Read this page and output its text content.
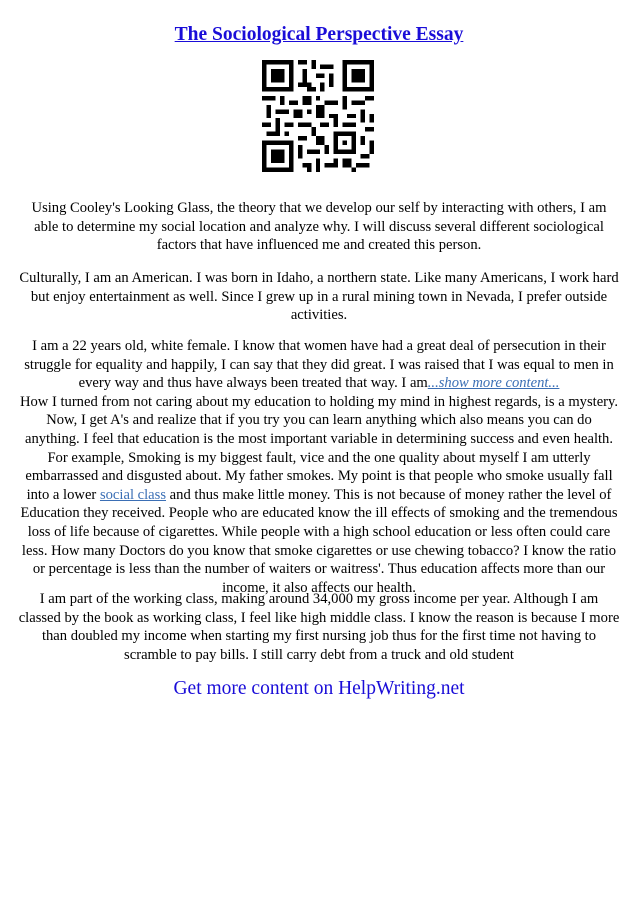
The Sociological Perspective Essay

Using Cooley's Looking Glass, the theory that we develop our self by interacting with others, I am able to determine my social location and analyze why. I will discuss several different sociological factors that have influenced me and created this person.

Culturally, I am an American. I was born in Idaho, a northern state. Like many Americans, I work hard but enjoy entertainment as well. Since I grew up in a rural mining town in Nevada, I prefer outside activities.

I am a 22 years old, white female. I know that women have had a great deal of persecution in their struggle for equality and happily, I can say that they did great. I was raised that I was equal to men in every way and thus have always been treated that way. I am...show more content...
How I turned from not caring about my education to holding my mind in highest regards, is a mystery. Now, I get A's and realize that if you try you can learn anything which also means you can do anything. I feel that education is the most important variable in determining success and even health. For example, Smoking is my biggest fault, vice and the one quality about myself I am utterly embarrassed and disgusted about. My father smokes. My point is that people who smoke usually fall into a lower social class and thus make little money. This is not because of money rather the level of Education they received. People who are educated know the ill effects of smoking and the tremendous loss of life because of cigarettes. While people with a high school education or less often could care less. How many Doctors do you know that smoke cigarettes or use chewing tobacco? I know the ratio or percentage is less than the number of waiters or waitress'. Thus education affects more than our income, it also affects our health.

I am part of the working class, making around 34,000 my gross income per year. Although I am classed by the book as working class, I feel like high middle class. I know the reason is because I more than doubled my income when starting my first nursing job thus for the first time not having to scramble to pay bills. I still carry debt from a truck and old student

Get more content on HelpWriting.net
